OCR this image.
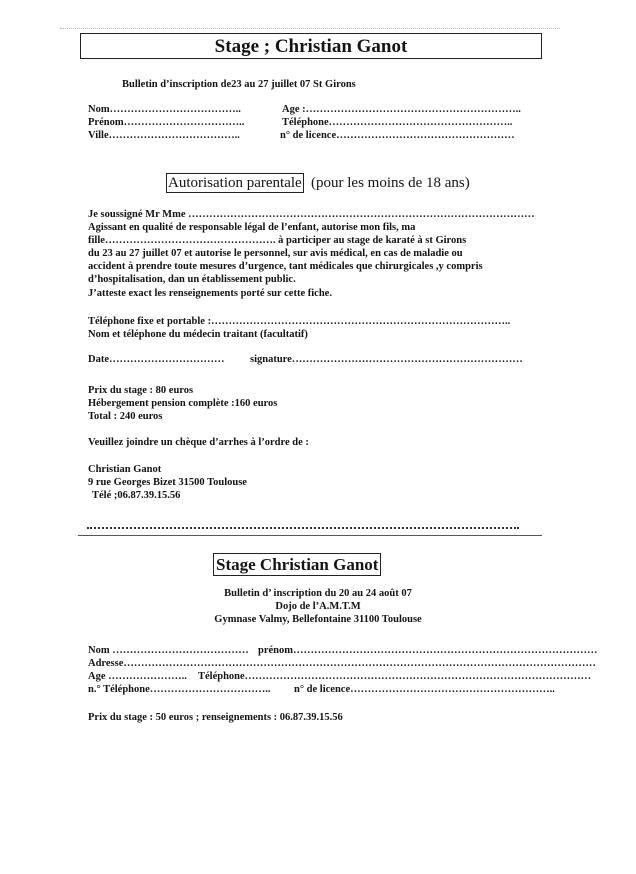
Stage ; Christian Ganot
Bulletin d’inscription de23 au 27 juillet 07 St Girons
Nom………………………………..	Age :……………………………………………………..
Prénom……………………………..	Téléphone……………………………………………..
Ville………………………………..	n° de licence……………………………………………
Autorisation parentale (pour les moins de 18 ans)
Je soussigné Mr Mme ………………………………………………………………………………………
Agissant en qualité de responsable légal de l’enfant, autorise mon fils, ma
fille…………………………………………. à participer au stage de karaté à st Girons
du 23 au 27 juillet 07 et autorise le personnel, sur avis médical, en cas de maladie ou
accident à prendre toute mesures d’urgence, tant médicales que chirurgicales ,y compris
d’hospitalisation, dan un établissement public.
J’atteste exact les renseignements porté sur cette fiche.
Téléphone fixe et portable :…………………………………………………………………………..
Nom et téléphone du médecin traitant (facultatif)
Date…………………………… signature…………………………………………………………
Prix du stage : 80 euros
Hébergement pension complète :160 euros
Total : 240 euros
Veuillez joindre un chèque d’arrhes à l’ordre de :
Christian Ganot
9 rue Georges Bizet 31500 Toulouse
Télé ;06.87.39.15.56
Stage Christian Ganot
Bulletin d’ inscription du 20 au 24 août 07
Dojo de l’A.M.T.M
Gymnase Valmy, Bellefontaine 31100 Toulouse
Nom ………………………………… prénom……………………………………………………………………………
Adresse………………………………………………………………………………………………………………………
Age ………………….. Téléphone………………………………………………………………………………………
n.° Téléphone…………………………….. n° de licence…………………………………………………..
Prix du stage : 50 euros ; renseignements : 06.87.39.15.56
